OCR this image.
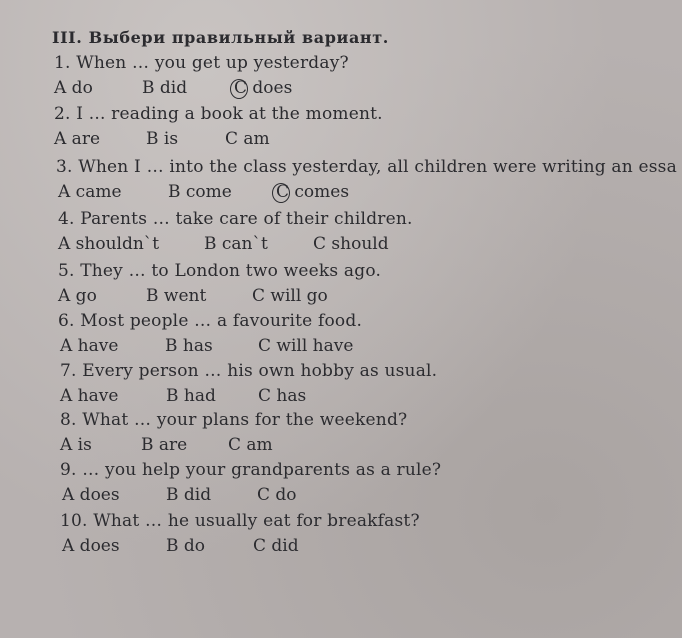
III. Выбери правильный вариант.
1. When … you get up yesterday?
A do	B did	C does
2. I ... reading a book at the moment.
A are	B is	C am
3. When I … into the class yesterday, all children were writing an essa
A came	B come	C comes
4. Parents … take care of their children.
A shouldn`t	B can`t	C should
5. They … to London two weeks ago.
A go	B went	C will go
6. Most people … a favourite food.
A have	B has	C will have
7. Every person … his own hobby as usual.
A have	B had C has
8. What … your plans for the weekend?
A is	B are C am
9. … you help your grandparents as a rule?
A does	B did	C do
10. What … he usually eat for breakfast?
A does	B do	C did
